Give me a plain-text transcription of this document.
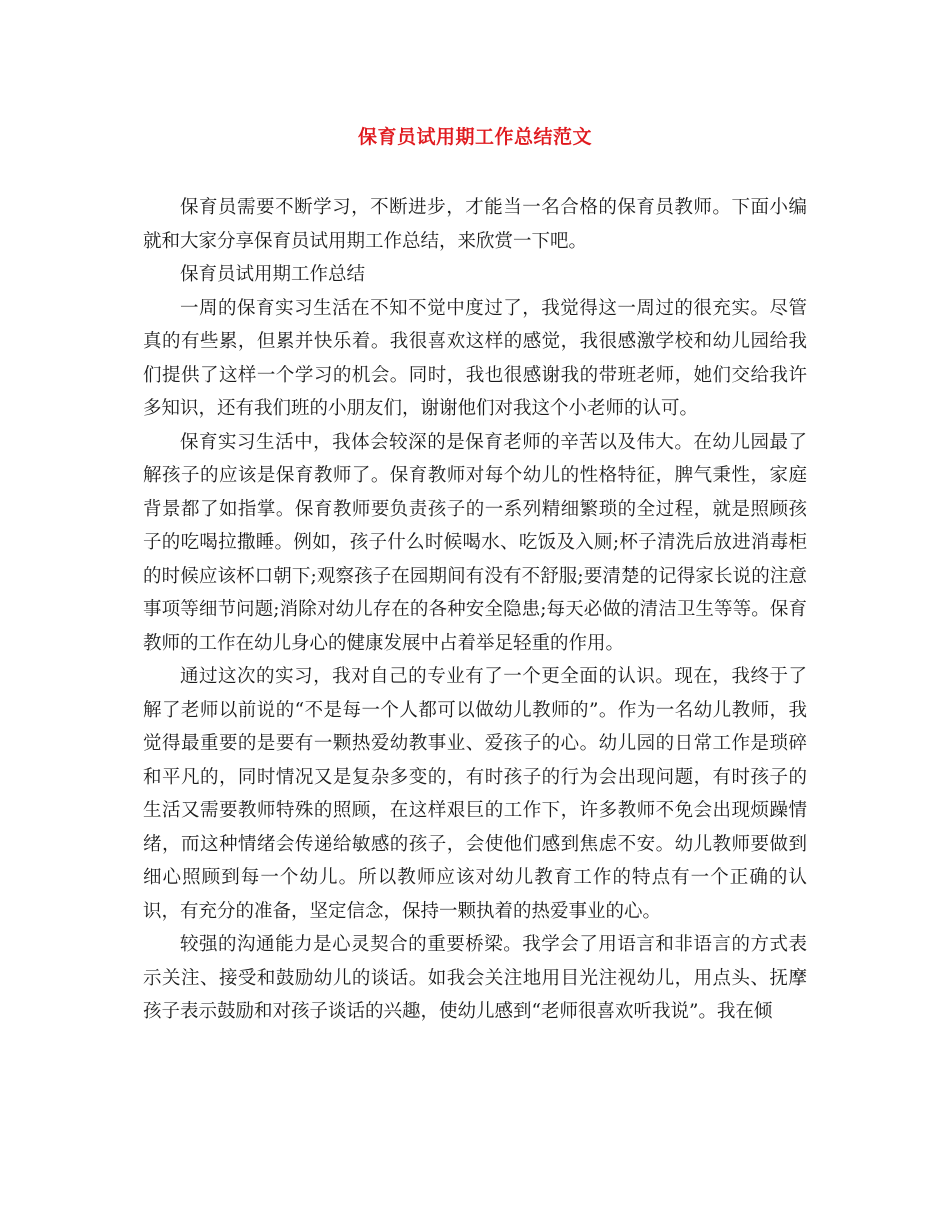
保育员试用期工作总结范文

保育员需要不断学习，不断进步，才能当一名合格的保育员教师。下面小编就和大家分享保育员试用期工作总结，来欣赏一下吧。

保育员试用期工作总结

一周的保育实习生活在不知不觉中度过了，我觉得这一周过的很充实。尽管真的有些累，但累并快乐着。我很喜欢这样的感觉，我很感激学校和幼儿园给我们提供了这样一个学习的机会。同时，我也很感谢我的带班老师，她们交给我许多知识，还有我们班的小朋友们，谢谢他们对我这个小老师的认可。

保育实习生活中，我体会较深的是保育老师的辛苦以及伟大。在幼儿园最了解孩子的应该是保育教师了。保育教师对每个幼儿的性格特征，脾气秉性，家庭背景都了如指掌。保育教师要负责孩子的一系列精细繁琐的全过程，就是照顾孩子的吃喝拉撒睡。例如，孩子什么时候喝水、吃饭及入厕;杯子清洗后放进消毒柜的时候应该杯口朝下;观察孩子在园期间有没有不舒服;要清楚的记得家长说的注意事项等细节问题;消除对幼儿存在的各种安全隐患;每天必做的清洁卫生等等。保育教师的工作在幼儿身心的健康发展中占着举足轻重的作用。

通过这次的实习，我对自己的专业有了一个更全面的认识。现在，我终于了解了老师以前说的“不是每一个人都可以做幼儿教师的”。作为一名幼儿教师，我觉得最重要的是要有一颗热爱幼教事业、爱孩子的心。幼儿园的日常工作是琐碎和平凡的，同时情况又是复杂多变的，有时孩子的行为会出现问题，有时孩子的生活又需要教师特殊的照顾，在这样艰巨的工作下，许多教师不免会出现烦躁情绪，而这种情绪会传递给敏感的孩子，会使他们感到焦虑不安。幼儿教师要做到细心照顾到每一个幼儿。所以教师应该对幼儿教育工作的特点有一个正确的认识，有充分的准备，坚定信念，保持一颗执着的热爱事业的心。

较强的沟通能力是心灵契合的重要桥梁。我学会了用语言和非语言的方式表示关注、接受和鼓励幼儿的谈话。如我会关注地用目光注视幼儿，用点头、抚摩孩子表示鼓励和对孩子谈话的兴趣，使幼儿感到“老师很喜欢听我说”。我在倾
